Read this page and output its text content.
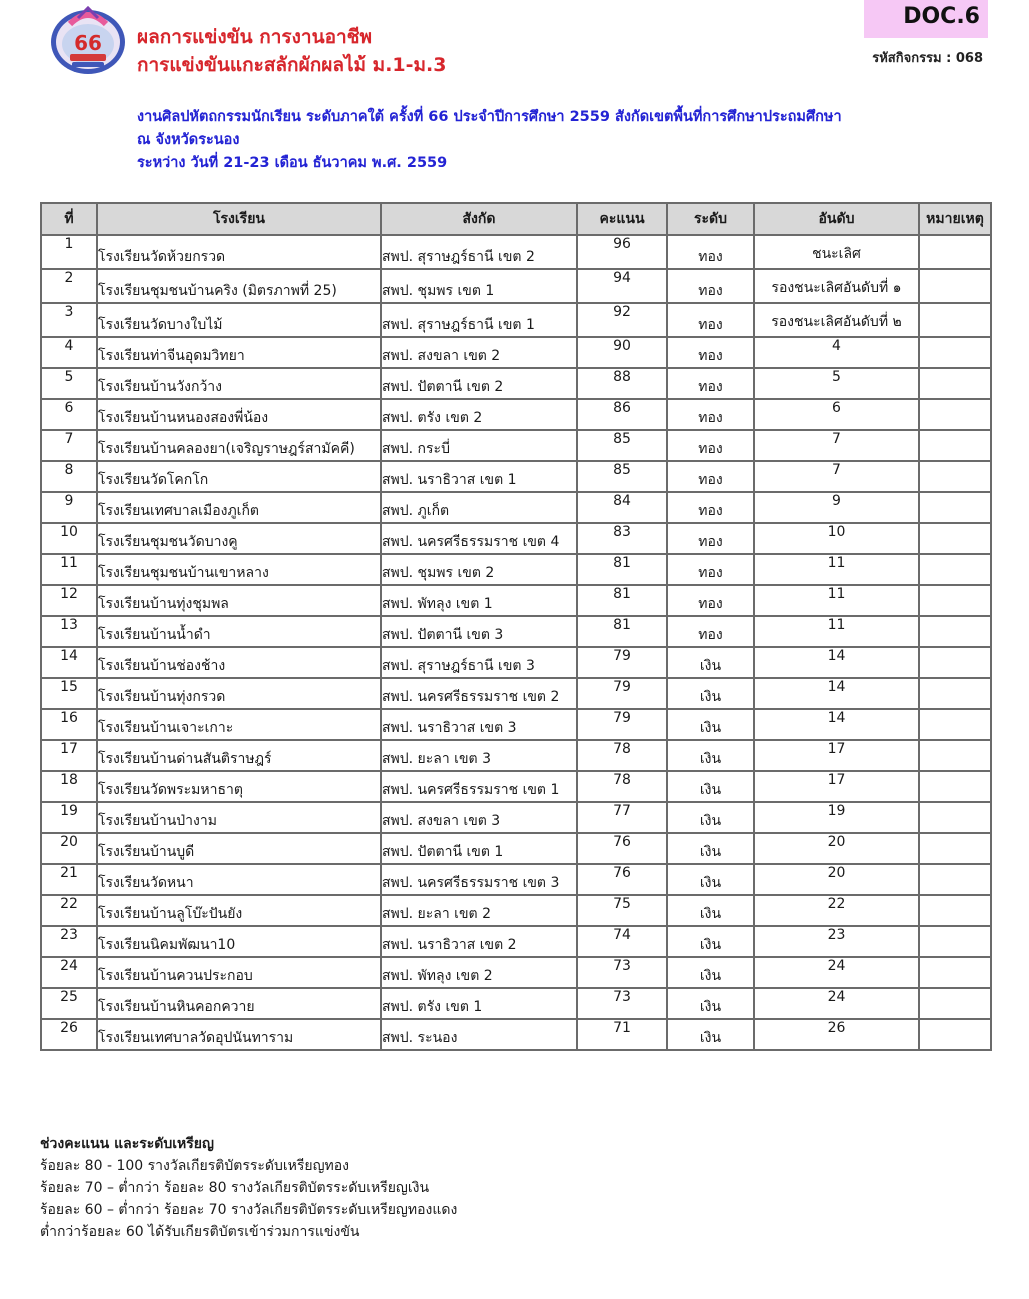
66 ผลการแข่งขัน การงานอาชีพ
การแข่งขันแกะสลักผักผลไม้ ม.1-ม.3
DOC.6
รหัสกิจกรรม : 068
งานศิลปหัตถกรรมนักเรียน ระดับภาคใต้ ครั้งที่ 66 ประจำปีการศึกษา 2559 สังกัดเขตพื้นที่การศึกษาประถมศึกษา
ณ จังหวัดระนอง
ระหว่าง วันที่ 21-23 เดือน ธันวาคม พ.ศ. 2559
ที่	โรงเรียน	สังกัด	คะแนน	ระดับ	อันดับ	หมายเหตุ
1	โรงเรียนวัดห้วยกรวด	สพป. สุราษฎร์ธานี เขต 2	96	ทอง	ชนะเลิศ	
2	โรงเรียนชุมชนบ้านคริง (มิตรภาพที่ 25)	สพป. ชุมพร เขต 1	94	ทอง	รองชนะเลิศอันดับที่ ๑	
3	โรงเรียนวัดบางใบไม้	สพป. สุราษฎร์ธานี เขต 1	92	ทอง	รองชนะเลิศอันดับที่ ๒	
4	โรงเรียนท่าจีนอุดมวิทยา	สพป. สงขลา เขต 2	90	ทอง	4	
5	โรงเรียนบ้านวังกว้าง	สพป. ปัตตานี เขต 2	88	ทอง	5	
6	โรงเรียนบ้านหนองสองพี่น้อง	สพป. ตรัง เขต 2	86	ทอง	6	
7	โรงเรียนบ้านคลองยา(เจริญราษฎร์สามัคคี)	สพป. กระบี่	85	ทอง	7	
8	โรงเรียนวัดโคกโก	สพป. นราธิวาส เขต 1	85	ทอง	7	
9	โรงเรียนเทศบาลเมืองภูเก็ต	สพป. ภูเก็ต	84	ทอง	9	
10	โรงเรียนชุมชนวัดบางคู	สพป. นครศรีธรรมราช เขต 4	83	ทอง	10	
11	โรงเรียนชุมชนบ้านเขาหลาง	สพป. ชุมพร เขต 2	81	ทอง	11	
12	โรงเรียนบ้านทุ่งชุมพล	สพป. พัทลุง เขต 1	81	ทอง	11	
13	โรงเรียนบ้านน้ำดำ	สพป. ปัตตานี เขต 3	81	ทอง	11	
14	โรงเรียนบ้านช่องช้าง	สพป. สุราษฎร์ธานี เขต 3	79	เงิน	14	
15	โรงเรียนบ้านทุ่งกรวด	สพป. นครศรีธรรมราช เขต 2	79	เงิน	14	
16	โรงเรียนบ้านเจาะเกาะ	สพป. นราธิวาส เขต 3	79	เงิน	14	
17	โรงเรียนบ้านด่านสันติราษฎร์	สพป. ยะลา เขต 3	78	เงิน	17	
18	โรงเรียนวัดพระมหาธาตุ	สพป. นครศรีธรรมราช เขต 1	78	เงิน	17	
19	โรงเรียนบ้านป่างาม	สพป. สงขลา เขต 3	77	เงิน	19	
20	โรงเรียนบ้านบูดี	สพป. ปัตตานี เขต 1	76	เงิน	20	
21	โรงเรียนวัดหนา	สพป. นครศรีธรรมราช เขต 3	76	เงิน	20	
22	โรงเรียนบ้านลูโบ๊ะปันยัง	สพป. ยะลา เขต 2	75	เงิน	22	
23	โรงเรียนนิคมพัฒนา10	สพป. นราธิวาส เขต 2	74	เงิน	23	
24	โรงเรียนบ้านควนประกอบ	สพป. พัทลุง เขต 2	73	เงิน	24	
25	โรงเรียนบ้านหินคอกควาย	สพป. ตรัง เขต 1	73	เงิน	24	
26	โรงเรียนเทศบาลวัดอุปนันทาราม	สพป. ระนอง	71	เงิน	26	
ช่วงคะแนน และระดับเหรียญ
ร้อยละ 80 - 100 รางวัลเกียรติบัตรระดับเหรียญทอง
ร้อยละ 70 – ต่ำกว่า ร้อยละ 80 รางวัลเกียรติบัตรระดับเหรียญเงิน
ร้อยละ 60 – ต่ำกว่า ร้อยละ 70 รางวัลเกียรติบัตรระดับเหรียญทองแดง
ต่ำกว่าร้อยละ 60 ได้รับเกียรติบัตรเข้าร่วมการแข่งขัน
